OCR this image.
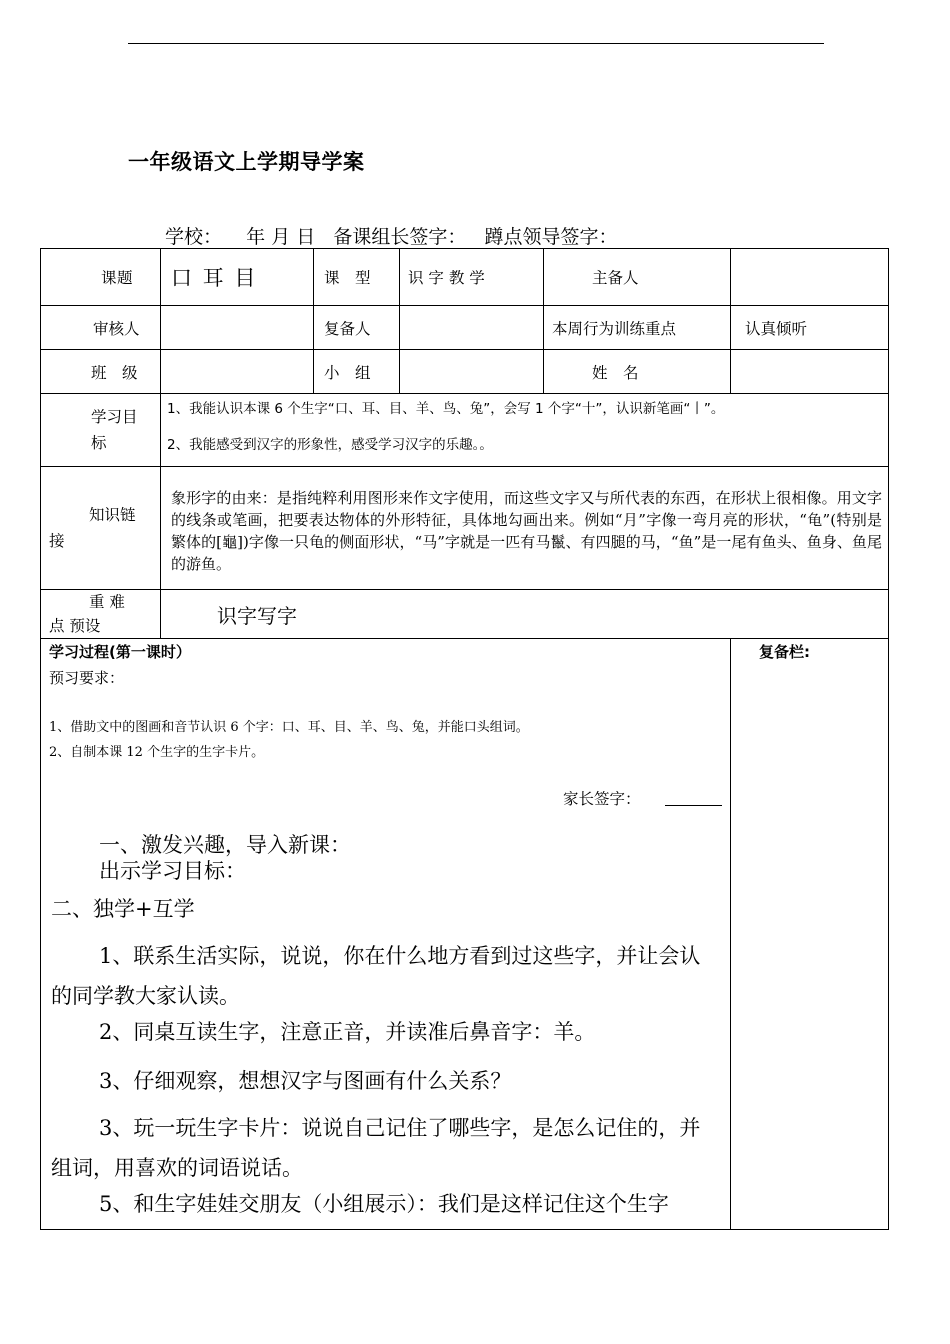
一年级语文上学期导学案
学校：    年 月 日   备课组长签字：   蹲点领导签字：
课题	口 耳 目	课　型	识 字 教 学	主备人	
审核人		复备人		本周行为训练重点	认真倾听
班　级		小　组		姓　名	
学习目标	1、我能认识本课 6 个生字“口、耳、目、羊、鸟、兔”，会写 1 个字“十”，认识新笔画“丨”。
2、我能感受到汉字的形象性，感受学习汉字的乐趣。。				

知识链接	象形字的由来：是指纯粹利用图形来作文字使用，而这些文字又与所代表的东西，在形状上很相像。用文字的线条或笔画，把要表达物体的外形特征，具体地勾画出来。例如“月”字像一弯月亮的形状，“龟”(特别是繁体的[龜])字像一只龟的侧面形状，“马”字就是一匹有马鬣、有四腿的马，“鱼”是一尾有鱼头、鱼身、鱼尾的游鱼。				
重 难 点 预设	识字写字				
学习过程(第一课时）
预习要求：
1、借助文中的图画和音节认识 6 个字：口、耳、目、羊、鸟、兔，并能口头组词。
2、自制本课 12 个生字的生字卡片。
家长签字：
一、激发兴趣，导入新课：
出示学习目标：
二、独学+互学
1、联系生活实际，说说，你在什么地方看到过这些字，并让会认的同学教大家认读。
2、同桌互读生字，注意正音，并读准后鼻音字：羊。
3、仔细观察，想想汉字与图画有什么关系？
3、玩一玩生字卡片：说说自己记住了哪些字，是怎么记住的，并组词，用喜欢的词语说话。
5、和生字娃娃交朋友（小组展示）：我们是这样记住这个生字

复备栏:
